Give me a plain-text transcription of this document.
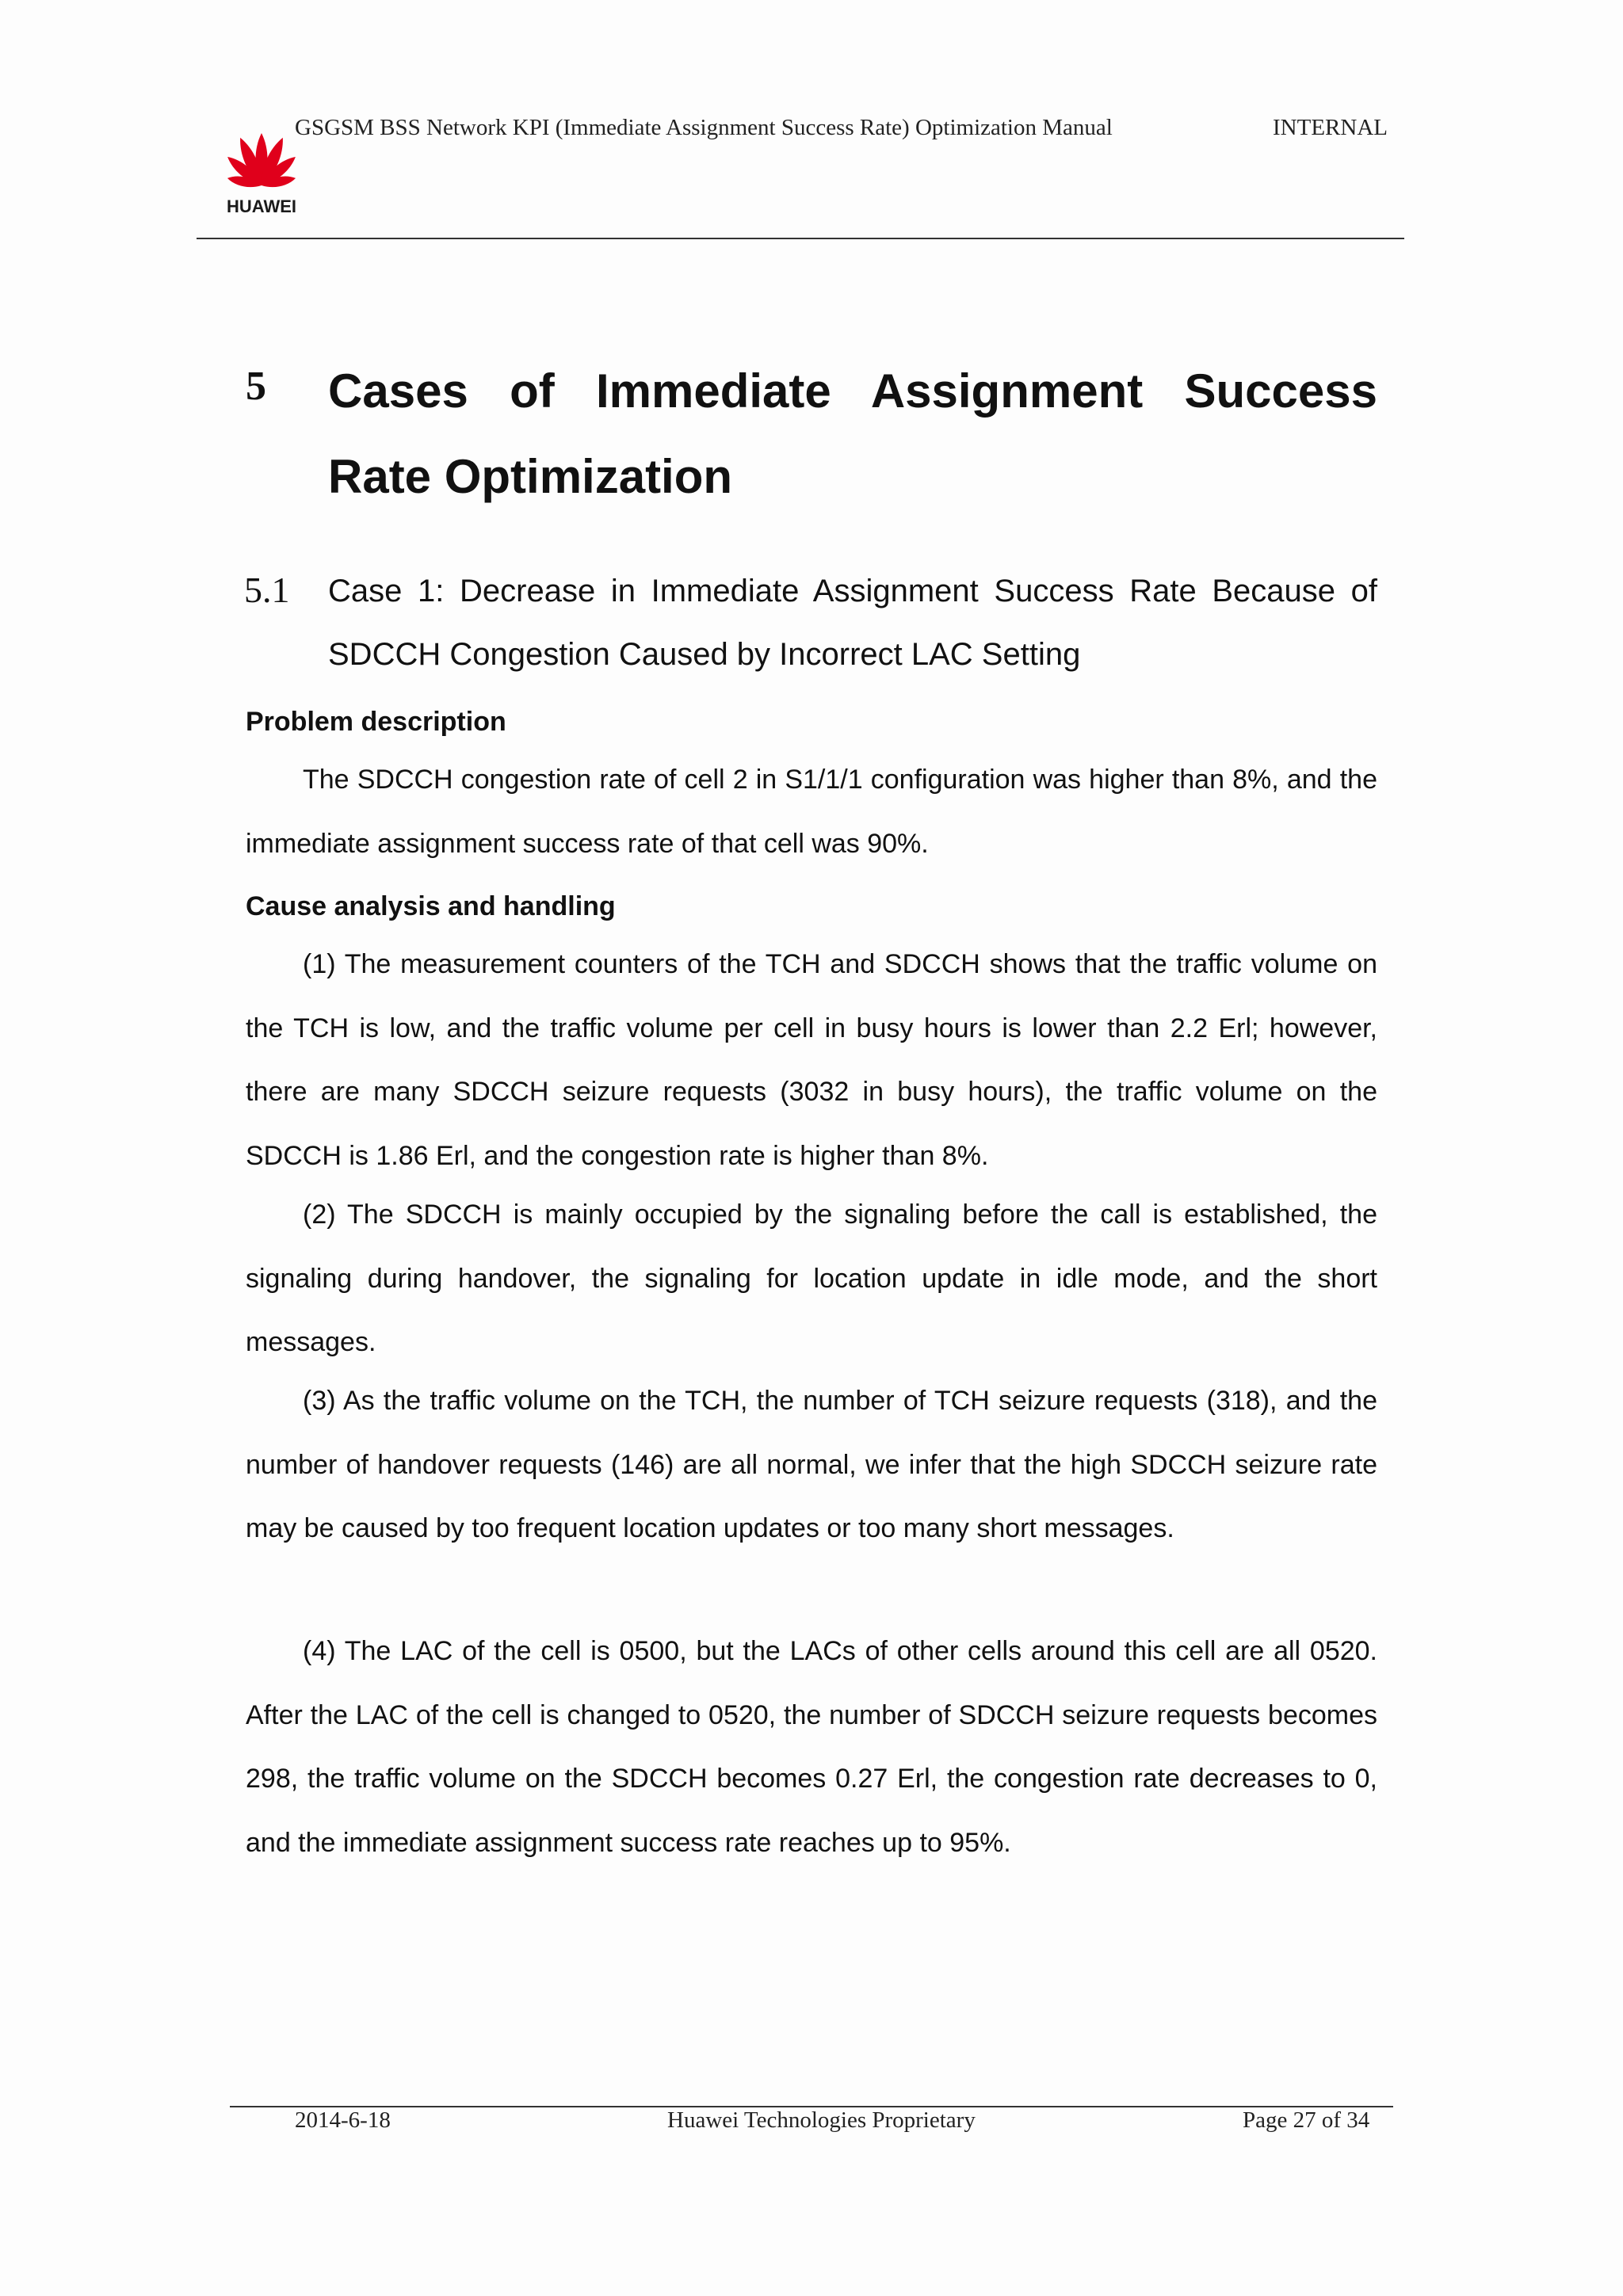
HUAWEI
GSGSM BSS Network KPI (Immediate Assignment Success Rate) Optimization Manual	INTERNAL
5 Cases of Immediate Assignment Success Rate Optimization
5.1 Case 1: Decrease in Immediate Assignment Success Rate Because of SDCCH Congestion Caused by Incorrect LAC Setting
Problem description

The SDCCH congestion rate of cell 2 in S1/1/1 configuration was higher than 8%, and the immediate assignment success rate of that cell was 90%.

Cause analysis and handling

(1) The measurement counters of the TCH and SDCCH shows that the traffic volume on the TCH is low, and the traffic volume per cell in busy hours is lower than 2.2 Erl; however, there are many SDCCH seizure requests (3032 in busy hours), the traffic volume on the SDCCH is 1.86 Erl, and the congestion rate is higher than 8%.

(2) The SDCCH is mainly occupied by the signaling before the call is established, the signaling during handover, the signaling for location update in idle mode, and the short messages.

(3) As the traffic volume on the TCH, the number of TCH seizure requests (318), and the number of handover requests (146) are all normal, we infer that the high SDCCH seizure rate may be caused by too frequent location updates or too many short messages.

(4) The LAC of the cell is 0500, but the LACs of other cells around this cell are all 0520. After the LAC of the cell is changed to 0520, the number of SDCCH seizure requests becomes 298, the traffic volume on the SDCCH becomes 0.27 Erl, the congestion rate decreases to 0, and the immediate assignment success rate reaches up to 95%.

2014-6-18	Huawei Technologies Proprietary	Page 27 of 34
